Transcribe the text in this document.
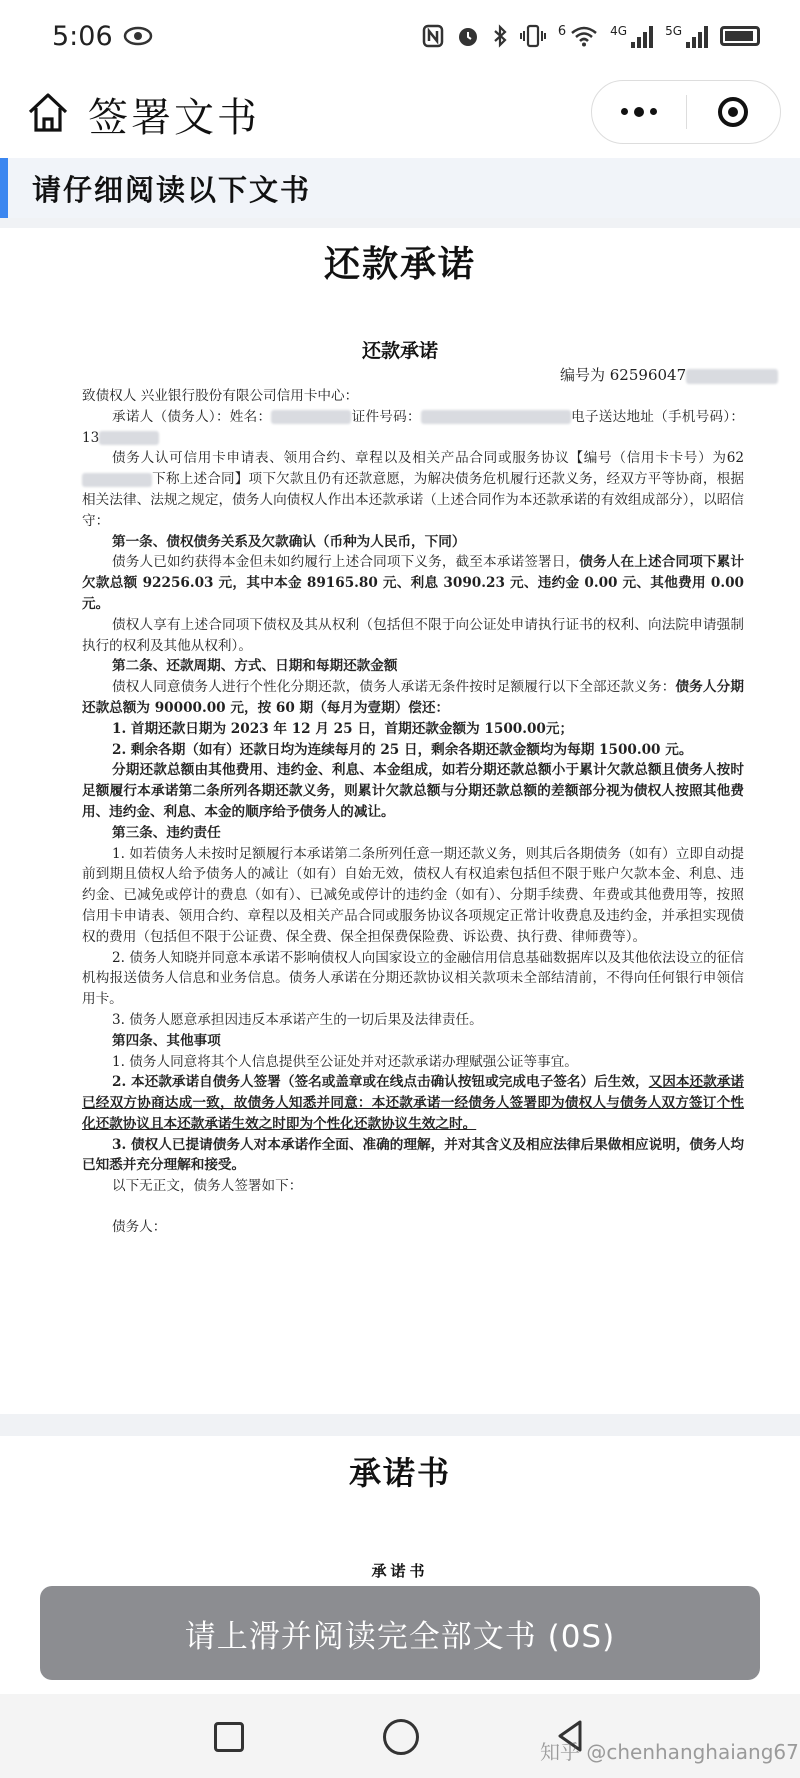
5:06	6	4G	5G
签署文书
请仔细阅读以下文书
还款承诺
还款承诺
编号为 62596047

致债权人 兴业银行股份有限公司信用卡中心：

承诺人（债务人）：姓名：	证件号码：	电子送达地址（手机号码）：13

债务人认可信用卡申请表、领用合约、章程以及相关产品合同或服务协议【编号（信用卡卡号）为62下称上述合同】项下欠款且仍有还款意愿，为解决债务危机履行还款义务，经双方平等协商，根据相关法律、法规之规定，债务人向债权人作出本还款承诺（上述合同作为本还款承诺的有效组成部分），以昭信守：

第一条、债权债务关系及欠款确认（币种为人民币，下同）

债务人已如约获得本金但未如约履行上述合同项下义务，截至本承诺签署日，债务人在上述合同项下累计欠款总额 92256.03 元，其中本金 89165.80 元、利息 3090.23 元、违约金 0.00 元、其他费用 0.00元。

债权人享有上述合同项下债权及其从权利（包括但不限于向公证处申请执行证书的权利、向法院申请强制执行的权利及其他从权利）。

第二条、还款周期、方式、日期和每期还款金额

债权人同意债务人进行个性化分期还款，债务人承诺无条件按时足额履行以下全部还款义务：债务人分期还款总额为 90000.00 元，按 60 期（每月为壹期）偿还：

1. 首期还款日期为 2023 年 12 月 25 日，首期还款金额为 1500.00元；

2. 剩余各期（如有）还款日均为连续每月的 25 日，剩余各期还款金额均为每期 1500.00 元。

分期还款总额由其他费用、违约金、利息、本金组成，如若分期还款总额小于累计欠款总额且债务人按时足额履行本承诺第二条所列各期还款义务，则累计欠款总额与分期还款总额的差额部分视为债权人按照其他费用、违约金、利息、本金的顺序给予债务人的减让。

第三条、违约责任

1. 如若债务人未按时足额履行本承诺第二条所列任意一期还款义务，则其后各期债务（如有）立即自动提前到期且债权人给予债务人的减让（如有）自始无效，债权人有权追索包括但不限于账户欠款本金、利息、违约金、已减免或停计的费息（如有）、已减免或停计的违约金（如有）、分期手续费、年费或其他费用等，按照信用卡申请表、领用合约、章程以及相关产品合同或服务协议各项规定正常计收费息及违约金，并承担实现债权的费用（包括但不限于公证费、保全费、保全担保费保险费、诉讼费、执行费、律师费等）。

2. 债务人知晓并同意本承诺不影响债权人向国家设立的金融信用信息基础数据库以及其他依法设立的征信机构报送债务人信息和业务信息。债务人承诺在分期还款协议相关款项未全部结清前，不得向任何银行申领信用卡。

3. 债务人愿意承担因违反本承诺产生的一切后果及法律责任。

第四条、其他事项

1. 债务人同意将其个人信息提供至公证处并对还款承诺办理赋强公证等事宜。

2. 本还款承诺自债务人签署（签名或盖章或在线点击确认按钮或完成电子签名）后生效，又因本还款承诺已经双方协商达成一致，故债务人知悉并同意：本还款承诺一经债务人签署即为债权人与债务人双方签订个性化还款协议且本还款承诺生效之时即为个性化还款协议生效之时。

3. 债权人已提请债务人对本承诺作全面、准确的理解，并对其含义及相应法律后果做相应说明，债务人均已知悉并充分理解和接受。

以下无正文，债务人签署如下：

债务人：

承诺书
承诺书
请上滑并阅读完全部文书 (0S)
知乎 @chenhanghaiang67
